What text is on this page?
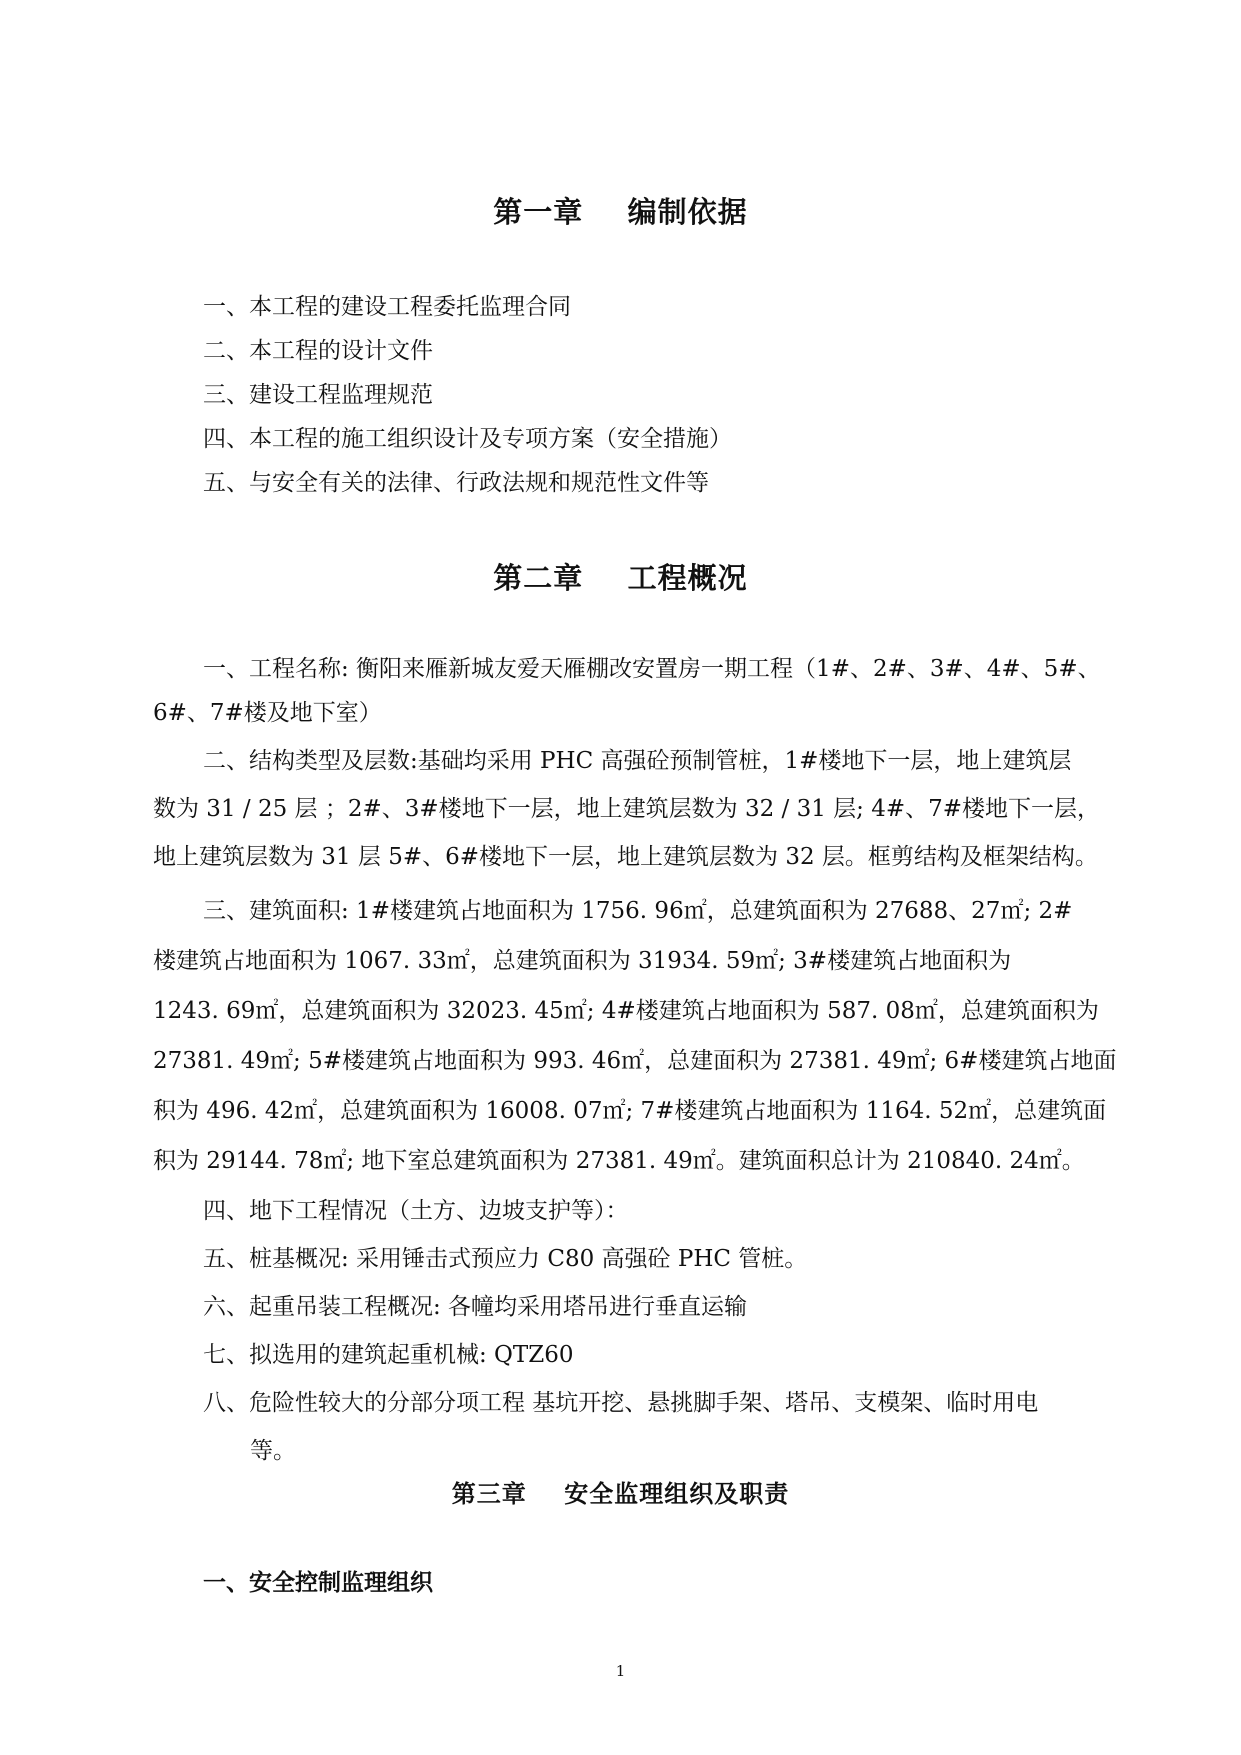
第一章    编制依据

一、本工程的建设工程委托监理合同

二、本工程的设计文件

三、建设工程监理规范

四、本工程的施工组织设计及专项方案（安全措施）

五、与安全有关的法律、行政法规和规范性文件等

第二章    工程概况

一、工程名称: 衡阳来雁新城友爱天雁棚改安置房一期工程（1#、2#、3#、4#、5#、

6#、7#楼及地下室）

二、结构类型及层数:基础均采用 PHC 高强砼预制管桩，1#楼地下一层，地上建筑层

数为 31 / 25 层 ；2#、3#楼地下一层，地上建筑层数为 32 / 31 层; 4#、7#楼地下一层，

地上建筑层数为 31 层 5#、6#楼地下一层，地上建筑层数为 32 层。框剪结构及框架结构。

三、建筑面积: 1#楼建筑占地面积为 1756. 96㎡，总建筑面积为 27688、27㎡; 2#

楼建筑占地面积为 1067. 33㎡，总建筑面积为 31934. 59㎡; 3#楼建筑占地面积为

1243. 69㎡，总建筑面积为 32023. 45㎡; 4#楼建筑占地面积为 587. 08㎡，总建筑面积为

27381. 49㎡; 5#楼建筑占地面积为 993. 46㎡，总建面积为 27381. 49㎡; 6#楼建筑占地面

积为 496. 42㎡，总建筑面积为 16008. 07㎡; 7#楼建筑占地面积为 1164. 52㎡，总建筑面

积为 29144. 78㎡; 地下室总建筑面积为 27381. 49㎡。建筑面积总计为 210840. 24㎡。

四、地下工程情况（土方、边坡支护等）：

五、桩基概况: 采用锤击式预应力 C80 高强砼 PHC 管桩。

六、起重吊装工程概况: 各幢均采用塔吊进行垂直运输

七、拟选用的建筑起重机械: QTZ60

八、危险性较大的分部分项工程 基坑开挖、悬挑脚手架、塔吊、支模架、临时用电

等。

第三章    安全监理组织及职责
一、安全控制监理组织

1
